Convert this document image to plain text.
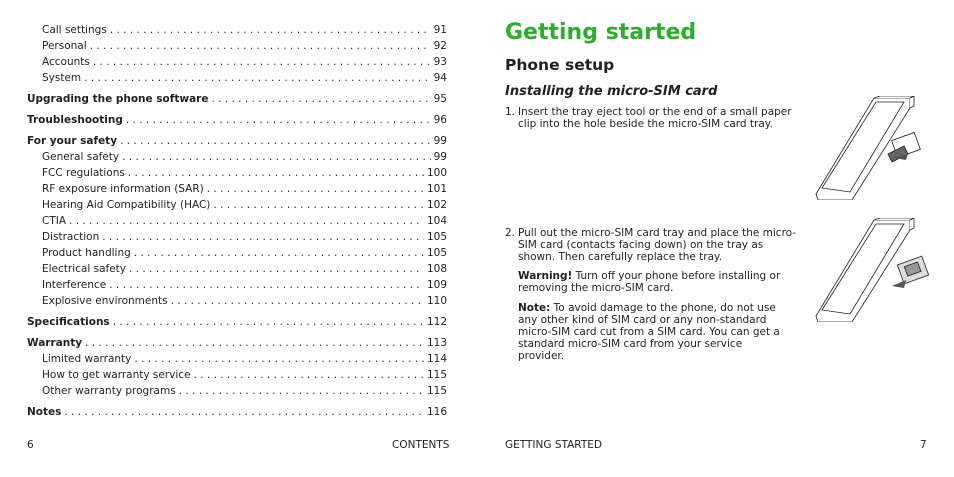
Call settings . . .	91
Personal . . .	92
Accounts . . .	93
System . . .	94
Upgrading the phone software . . .	95
Troubleshooting . . .	96
For your safety . . .	99
General safety . . .	99
FCC regulations . . .	100
RF exposure information (SAR) . . .	101
Hearing Aid Compatibility (HAC) . . .	102
CTIA . . .	104
Distraction . . .	105
Product handling . . .	105
Electrical safety . . .	108
Interference . . .	109
Explosive environments . . .	110
Specifications . . .	112
Warranty . . .	113
Limited warranty . . .	114
How to get warranty service . . .	115
Other warranty programs . . .	115
Notes . . .	116
6	CONTENTS
Getting started
Phone setup
Installing the micro-SIM card
1. Insert the tray eject tool or the end of a small paper clip into the hole beside the micro-SIM card tray.
2. Pull out the micro-SIM card tray and place the micro-SIM card (contacts facing down) on the tray as shown. Then carefully replace the tray.
Warning! Turn off your phone before installing or removing the micro-SIM card.
Note: To avoid damage to the phone, do not use any other kind of SIM card or any non-standard micro-SIM card cut from a SIM card. You can get a standard micro-SIM card from your service provider.
GETTING STARTED	7
